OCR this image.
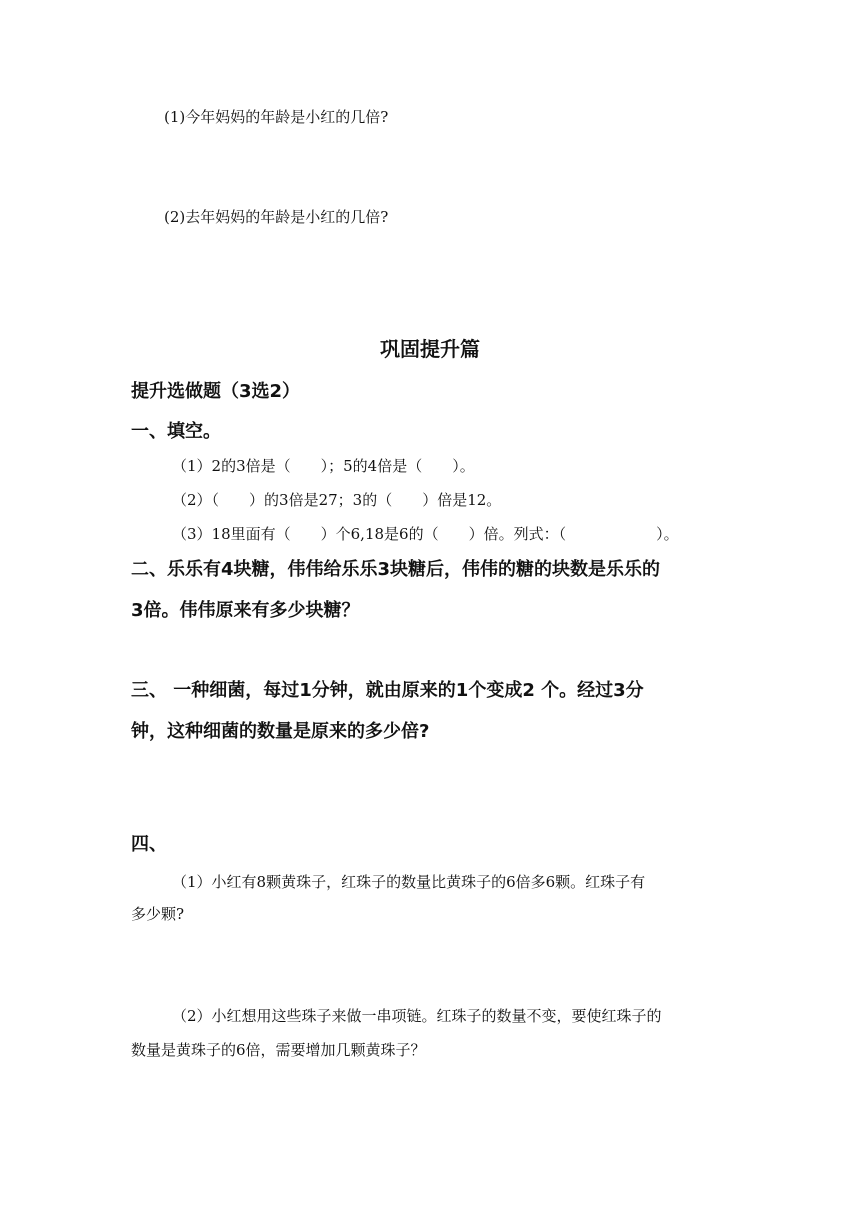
(1)今年妈妈的年龄是小红的几倍?
(2)去年妈妈的年龄是小红的几倍?
巩固提升篇
提升选做题（3选2）
一、填空。
（1）2的3倍是（　　）；5的4倍是（　　）。
（2）（　　）的3倍是27；3的（　　）倍是12。
（3）18里面有（　　）个6,18是6的（　　）倍。列式：（　　　　　　）。
二、乐乐有4块糖，伟伟给乐乐3块糖后，伟伟的糖的块数是乐乐的
3倍。伟伟原来有多少块糖？
三、 一种细菌，每过1分钟，就由原来的1个变成2 个。经过3分
钟，这种细菌的数量是原来的多少倍?
四、
（1）小红有8颗黄珠子，红珠子的数量比黄珠子的6倍多6颗。红珠子有
多少颗?
（2）小红想用这些珠子来做一串项链。红珠子的数量不变，要使红珠子的
数量是黄珠子的6倍，需要增加几颗黄珠子？
